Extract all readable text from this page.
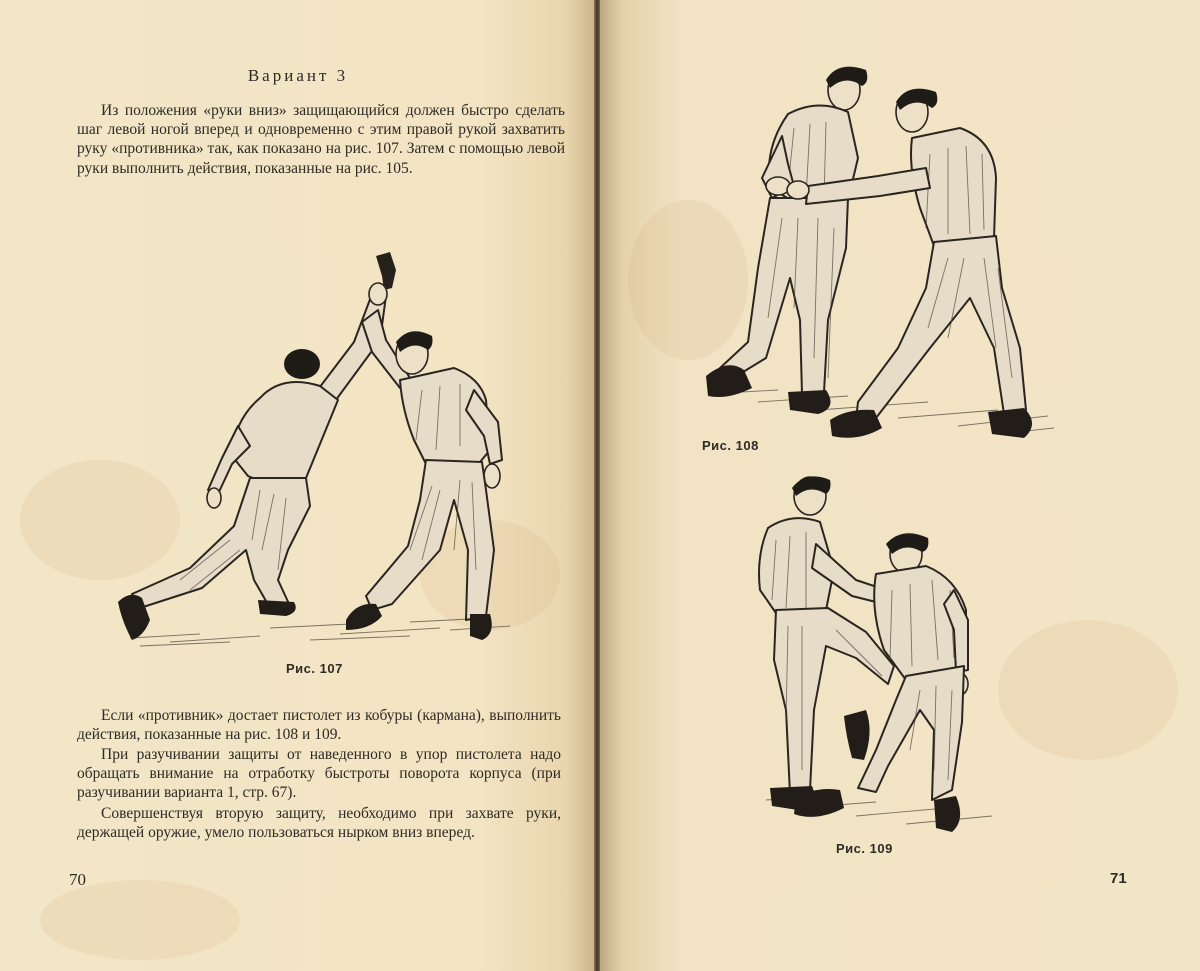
Вариант 3

Из положения «руки вниз» защищающийся должен быстро сделать шаг левой ногой вперед и одновременно с этим правой рукой захватить руку «противника» так, как показано на рис. 107. Затем с помощью левой руки выполнить действия, показанные на рис. 105.

Рис. 107

Если «противник» достает пистолет из кобуры (кармана), выполнить действия, показанные на рис. 108 и 109.

При разучивании защиты от наведенного в упор пистолета надо обращать внимание на отработку быстроты поворота корпуса (при разучивании варианта 1, стр. 67).

Совершенствуя вторую защиту, необходимо при захвате руки, держащей оружие, умело пользоваться нырком вниз вперед.

70
Рис. 108
Рис. 109
71
